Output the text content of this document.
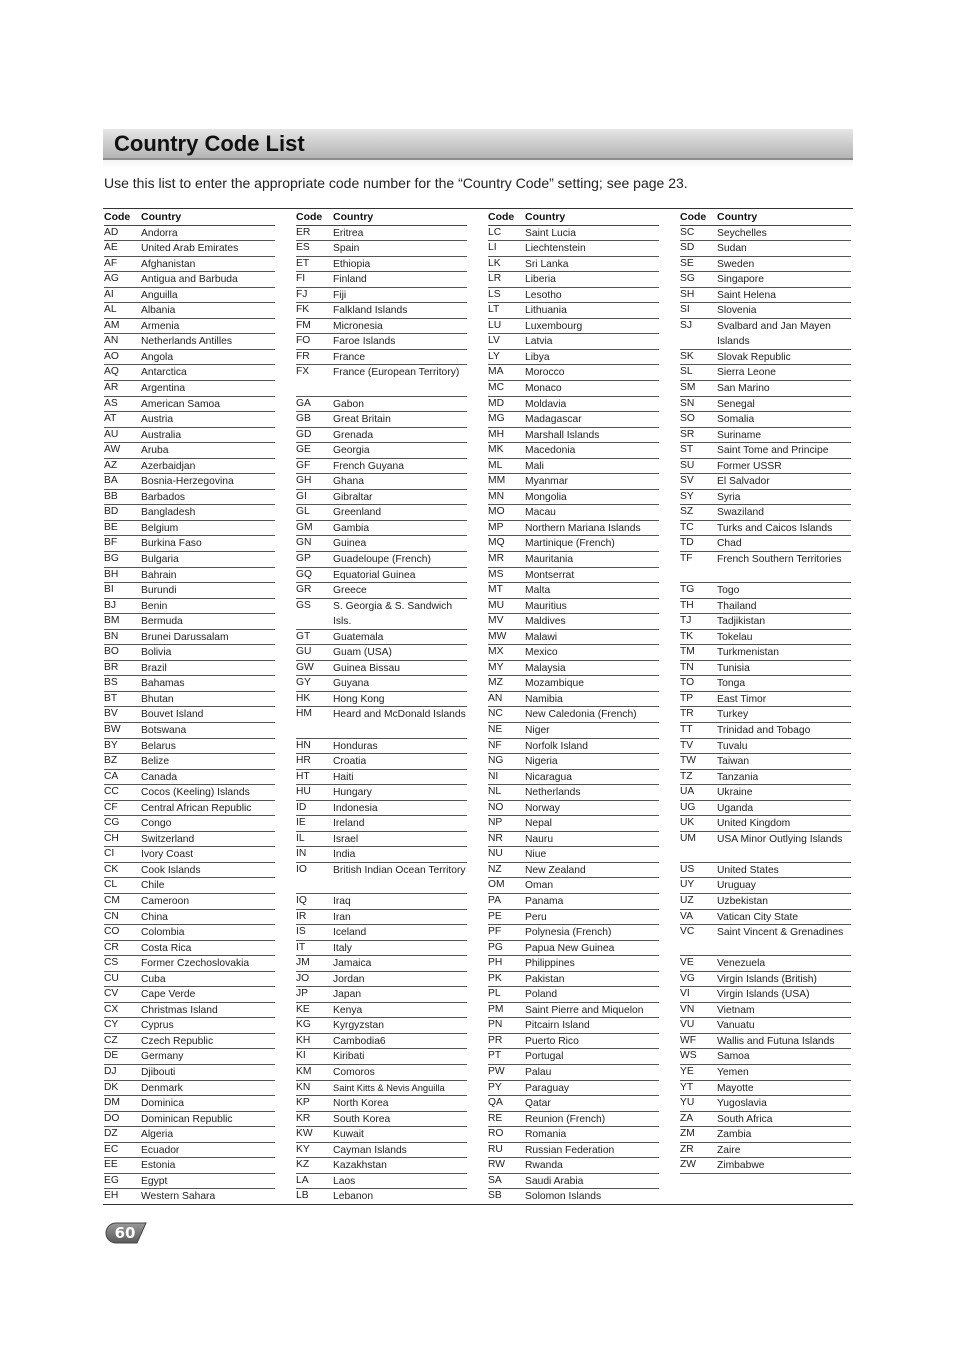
Country Code List

Use this list to enter the appropriate code number for the “Country Code” setting; see page 23.

Code	Country
AD	Andorra
AE	United Arab Emirates
AF	Afghanistan
AG	Antigua and Barbuda
AI	Anguilla
AL	Albania
AM	Armenia
AN	Netherlands Antilles
AO	Angola
AQ	Antarctica
AR	Argentina
AS	American Samoa
AT	Austria
AU	Australia
AW	Aruba
AZ	Azerbaidjan
BA	Bosnia-Herzegovina
BB	Barbados
BD	Bangladesh
BE	Belgium
BF	Burkina Faso
BG	Bulgaria
BH	Bahrain
BI	Burundi
BJ	Benin
BM	Bermuda
BN	Brunei Darussalam
BO	Bolivia
BR	Brazil
BS	Bahamas
BT	Bhutan
BV	Bouvet Island
BW	Botswana
BY	Belarus
BZ	Belize
CA	Canada
CC	Cocos (Keeling) Islands
CF	Central African Republic
CG	Congo
CH	Switzerland
CI	Ivory Coast
CK	Cook Islands
CL	Chile
CM	Cameroon
CN	China
CO	Colombia
CR	Costa Rica
CS	Former Czechoslovakia
CU	Cuba
CV	Cape Verde
CX	Christmas Island
CY	Cyprus
CZ	Czech Republic
DE	Germany
DJ	Djibouti
DK	Denmark
DM	Dominica
DO	Dominican Republic
DZ	Algeria
EC	Ecuador
EE	Estonia
EG	Egypt
EH	Western Sahara
Code	Country
ER	Eritrea
ES	Spain
ET	Ethiopia
FI	Finland
FJ	Fiji
FK	Falkland Islands
FM	Micronesia
FO	Faroe Islands
FR	France
FX	France (European Territory)
GA	Gabon
GB	Great Britain
GD	Grenada
GE	Georgia
GF	French Guyana
GH	Ghana
GI	Gibraltar
GL	Greenland
GM	Gambia
GN	Guinea
GP	Guadeloupe (French)
GQ	Equatorial Guinea
GR	Greece
GS	S. Georgia & S. Sandwich Isls.
GT	Guatemala
GU	Guam (USA)
GW	Guinea Bissau
GY	Guyana
HK	Hong Kong
HM	Heard and McDonald Islands
HN	Honduras
HR	Croatia
HT	Haiti
HU	Hungary
ID	Indonesia
IE	Ireland
IL	Israel
IN	India
IO	British Indian Ocean Territory
IQ	Iraq
IR	Iran
IS	Iceland
IT	Italy
JM	Jamaica
JO	Jordan
JP	Japan
KE	Kenya
KG	Kyrgyzstan
KH	Cambodia6
KI	Kiribati
KM	Comoros
KN	Saint Kitts & Nevis Anguilla
KP	North Korea
KR	South Korea
KW	Kuwait
KY	Cayman Islands
KZ	Kazakhstan
LA	Laos
LB	Lebanon
Code	Country
LC	Saint Lucia
LI	Liechtenstein
LK	Sri Lanka
LR	Liberia
LS	Lesotho
LT	Lithuania
LU	Luxembourg
LV	Latvia
LY	Libya
MA	Morocco
MC	Monaco
MD	Moldavia
MG	Madagascar
MH	Marshall Islands
MK	Macedonia
ML	Mali
MM	Myanmar
MN	Mongolia
MO	Macau
MP	Northern Mariana Islands
MQ	Martinique (French)
MR	Mauritania
MS	Montserrat
MT	Malta
MU	Mauritius
MV	Maldives
MW	Malawi
MX	Mexico
MY	Malaysia
MZ	Mozambique
AN	Namibia
NC	New Caledonia (French)
NE	Niger
NF	Norfolk Island
NG	Nigeria
NI	Nicaragua
NL	Netherlands
NO	Norway
NP	Nepal
NR	Nauru
NU	Niue
NZ	New Zealand
OM	Oman
PA	Panama
PE	Peru
PF	Polynesia (French)
PG	Papua New Guinea
PH	Philippines
PK	Pakistan
PL	Poland
PM	Saint Pierre and Miquelon
PN	Pitcairn Island
PR	Puerto Rico
PT	Portugal
PW	Palau
PY	Paraguay
QA	Qatar
RE	Reunion (French)
RO	Romania
RU	Russian Federation
RW	Rwanda
SA	Saudi Arabia
SB	Solomon Islands
Code	Country
SC	Seychelles
SD	Sudan
SE	Sweden
SG	Singapore
SH	Saint Helena
SI	Slovenia
SJ	Svalbard and Jan Mayen Islands
SK	Slovak Republic
SL	Sierra Leone
SM	San Marino
SN	Senegal
SO	Somalia
SR	Suriname
ST	Saint Tome and Principe
SU	Former USSR
SV	El Salvador
SY	Syria
SZ	Swaziland
TC	Turks and Caicos Islands
TD	Chad
TF	French Southern Territories
TG	Togo
TH	Thailand
TJ	Tadjikistan
TK	Tokelau
TM	Turkmenistan
TN	Tunisia
TO	Tonga
TP	East Timor
TR	Turkey
TT	Trinidad and Tobago
TV	Tuvalu
TW	Taiwan
TZ	Tanzania
UA	Ukraine
UG	Uganda
UK	United Kingdom
UM	USA Minor Outlying Islands
US	United States
UY	Uruguay
UZ	Uzbekistan
VA	Vatican City State
VC	Saint Vincent & Grenadines
VE	Venezuela
VG	Virgin Islands (British)
VI	Virgin Islands (USA)
VN	Vietnam
VU	Vanuatu
WF	Wallis and Futuna Islands
WS	Samoa
YE	Yemen
YT	Mayotte
YU	Yugoslavia
ZA	South Africa
ZM	Zambia
ZR	Zaire
ZW	Zimbabwe
60
